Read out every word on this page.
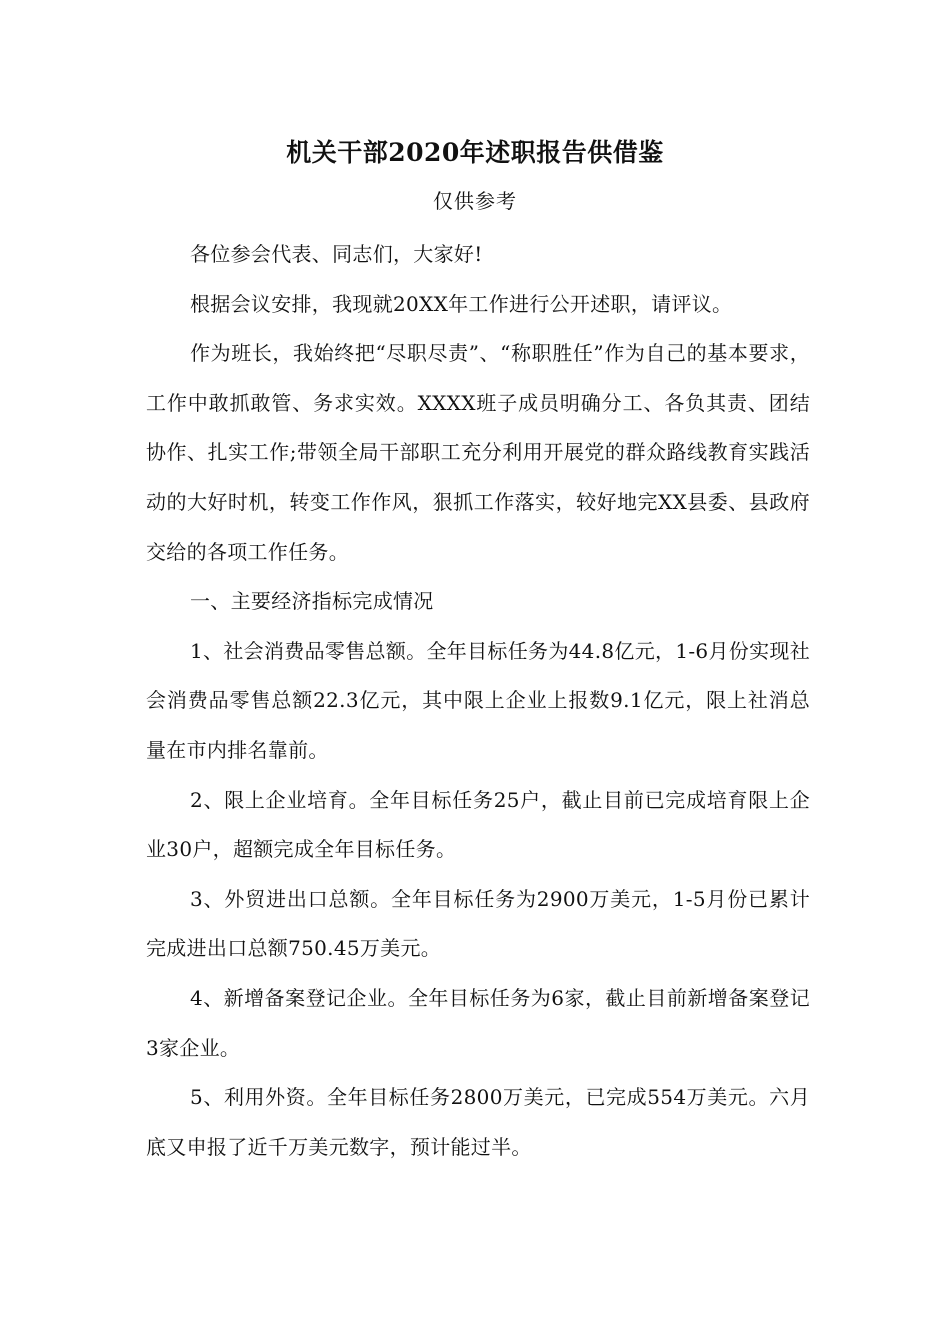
机关干部2020年述职报告供借鉴
仅供参考

各位参会代表、同志们，大家好!

根据会议安排，我现就20XX年工作进行公开述职，请评议。

作为班长，我始终把“尽职尽责”、“称职胜任”作为自己的基本要求，工作中敢抓敢管、务求实效。XXXX班子成员明确分工、各负其责、团结协作、扎实工作;带领全局干部职工充分利用开展党的群众路线教育实践活动的大好时机，转变工作作风，狠抓工作落实，较好地完XX县委、县政府交给的各项工作任务。

一、主要经济指标完成情况

1、社会消费品零售总额。全年目标任务为44.8亿元，1-6月份实现社会消费品零售总额22.3亿元，其中限上企业上报数9.1亿元，限上社消总量在市内排名靠前。

2、限上企业培育。全年目标任务25户，截止目前已完成培育限上企业30户，超额完成全年目标任务。

3、外贸进出口总额。全年目标任务为2900万美元，1-5月份已累计完成进出口总额750.45万美元。

4、新增备案登记企业。全年目标任务为6家，截止目前新增备案登记3家企业。

5、利用外资。全年目标任务2800万美元，已完成554万美元。六月底又申报了近千万美元数字，预计能过半。
